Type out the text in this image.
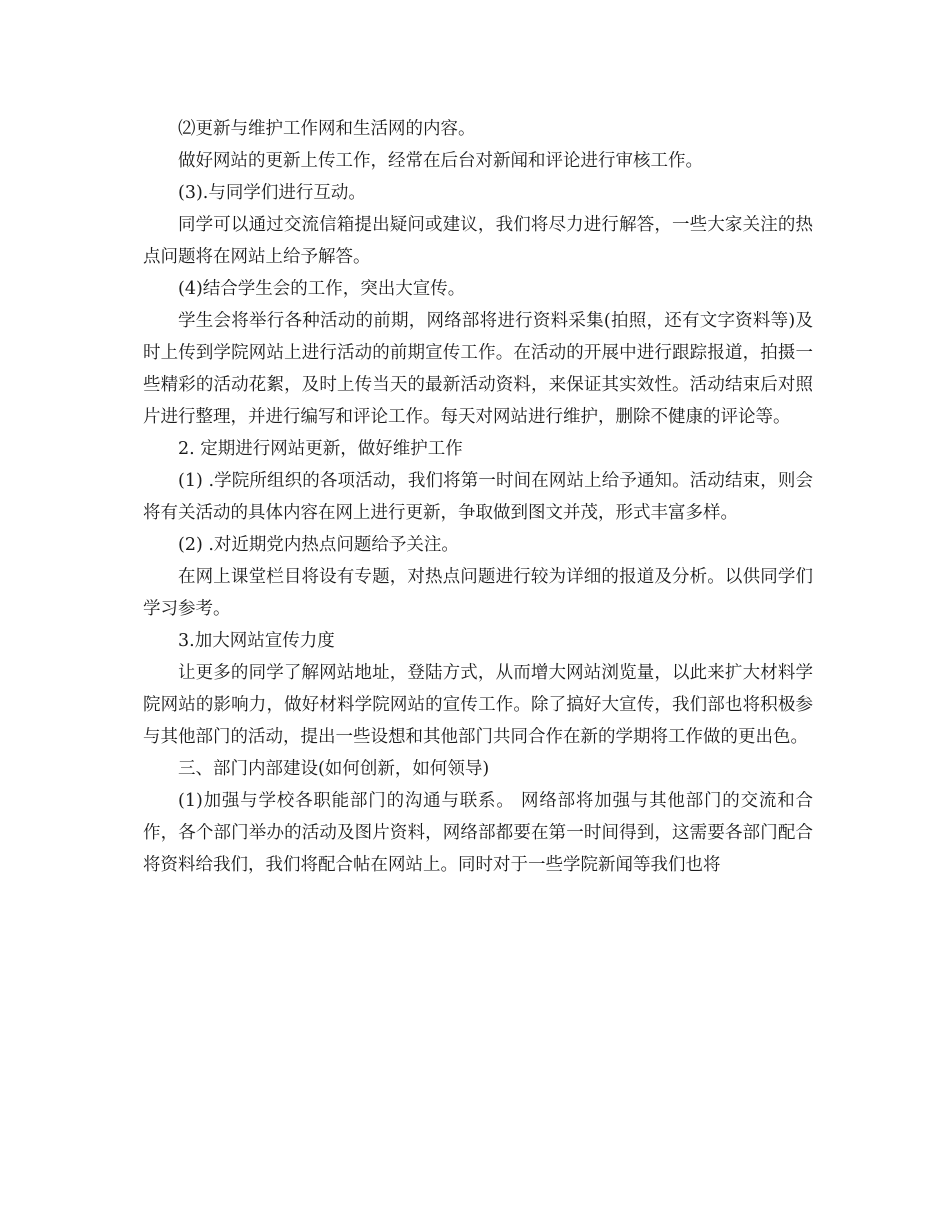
⑵更新与维护工作网和生活网的内容。

做好网站的更新上传工作，经常在后台对新闻和评论进行审核工作。

(3).与同学们进行互动。

同学可以通过交流信箱提出疑问或建议，我们将尽力进行解答，一些大家关注的热点问题将在网站上给予解答。

(4)结合学生会的工作，突出大宣传。

学生会将举行各种活动的前期，网络部将进行资料采集(拍照，还有文字资料等)及时上传到学院网站上进行活动的前期宣传工作。在活动的开展中进行跟踪报道，拍摄一些精彩的活动花絮，及时上传当天的最新活动资料，来保证其实效性。活动结束后对照片进行整理，并进行编写和评论工作。每天对网站进行维护，删除不健康的评论等。

2. 定期进行网站更新，做好维护工作

(1) .学院所组织的各项活动，我们将第一时间在网站上给予通知。活动结束，则会将有关活动的具体内容在网上进行更新，争取做到图文并茂，形式丰富多样。

(2) .对近期党内热点问题给予关注。

在网上课堂栏目将设有专题，对热点问题进行较为详细的报道及分析。以供同学们学习参考。

3.加大网站宣传力度

让更多的同学了解网站地址，登陆方式，从而增大网站浏览量，以此来扩大材料学院网站的影响力，做好材料学院网站的宣传工作。除了搞好大宣传，我们部也将积极参与其他部门的活动，提出一些设想和其他部门共同合作在新的学期将工作做的更出色。

三、部门内部建设(如何创新，如何领导)

(1)加强与学校各职能部门的沟通与联系。 网络部将加强与其他部门的交流和合作，各个部门举办的活动及图片资料，网络部都要在第一时间得到，这需要各部门配合将资料给我们，我们将配合帖在网站上。同时对于一些学院新闻等我们也将
